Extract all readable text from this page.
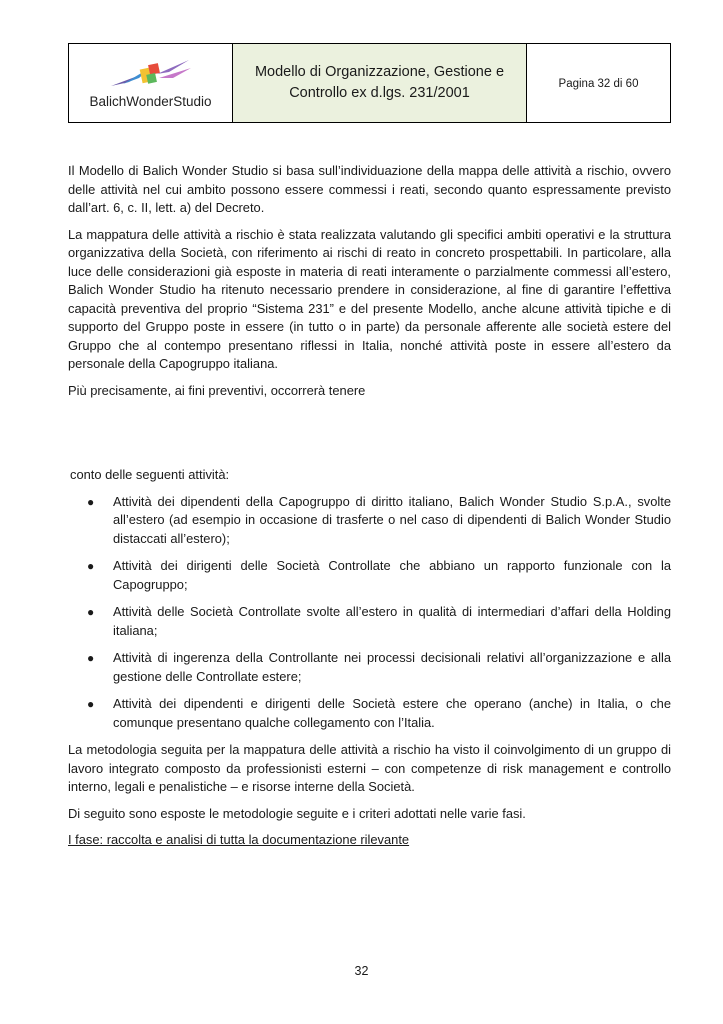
BalichWonderStudio
Modello di Organizzazione, Gestione e Controllo ex d.lgs. 231/2001
Pagina 32 di 60

Il Modello di Balich Wonder Studio si basa sull’individuazione della mappa delle attività a rischio, ovvero delle attività nel cui ambito possono essere commessi i reati, secondo quanto espressamente previsto dall’art. 6, c. II, lett. a) del Decreto.

La mappatura delle attività a rischio è stata realizzata valutando gli specifici ambiti operativi e la struttura organizzativa della Società, con riferimento ai rischi di reato in concreto prospettabili. In particolare, alla luce delle considerazioni già esposte in materia di reati interamente o parzialmente commessi all’estero, Balich Wonder Studio ha ritenuto necessario prendere in considerazione, al fine di garantire l’effettiva capacità preventiva del proprio “Sistema 231” e del presente Modello, anche alcune attività tipiche e di supporto del Gruppo poste in essere (in tutto o in parte) da personale afferente alle società estere del Gruppo che al contempo presentano riflessi in Italia, nonché attività poste in essere all’estero da personale della Capogruppo italiana.

Più precisamente, ai fini preventivi, occorrerà tenere

conto delle seguenti attività:

● Attività dei dipendenti della Capogruppo di diritto italiano, Balich Wonder Studio S.p.A., svolte all’estero (ad esempio in occasione di trasferte o nel caso di dipendenti di Balich Wonder Studio distaccati all’estero);
● Attività dei dirigenti delle Società Controllate che abbiano un rapporto funzionale con la Capogruppo;
● Attività delle Società Controllate svolte all’estero in qualità di intermediari d’affari della Holding italiana;
● Attività di ingerenza della Controllante nei processi decisionali relativi all’organizzazione e alla gestione delle Controllate estere;
● Attività dei dipendenti e dirigenti delle Società estere che operano (anche) in Italia, o che comunque presentano qualche collegamento con l’Italia.

La metodologia seguita per la mappatura delle attività a rischio ha visto il coinvolgimento di un gruppo di lavoro integrato composto da professionisti esterni – con competenze di risk management e controllo interno, legali e penalistiche – e risorse interne della Società.

Di seguito sono esposte le metodologie seguite e i criteri adottati nelle varie fasi.

I fase: raccolta e analisi di tutta la documentazione rilevante

32
